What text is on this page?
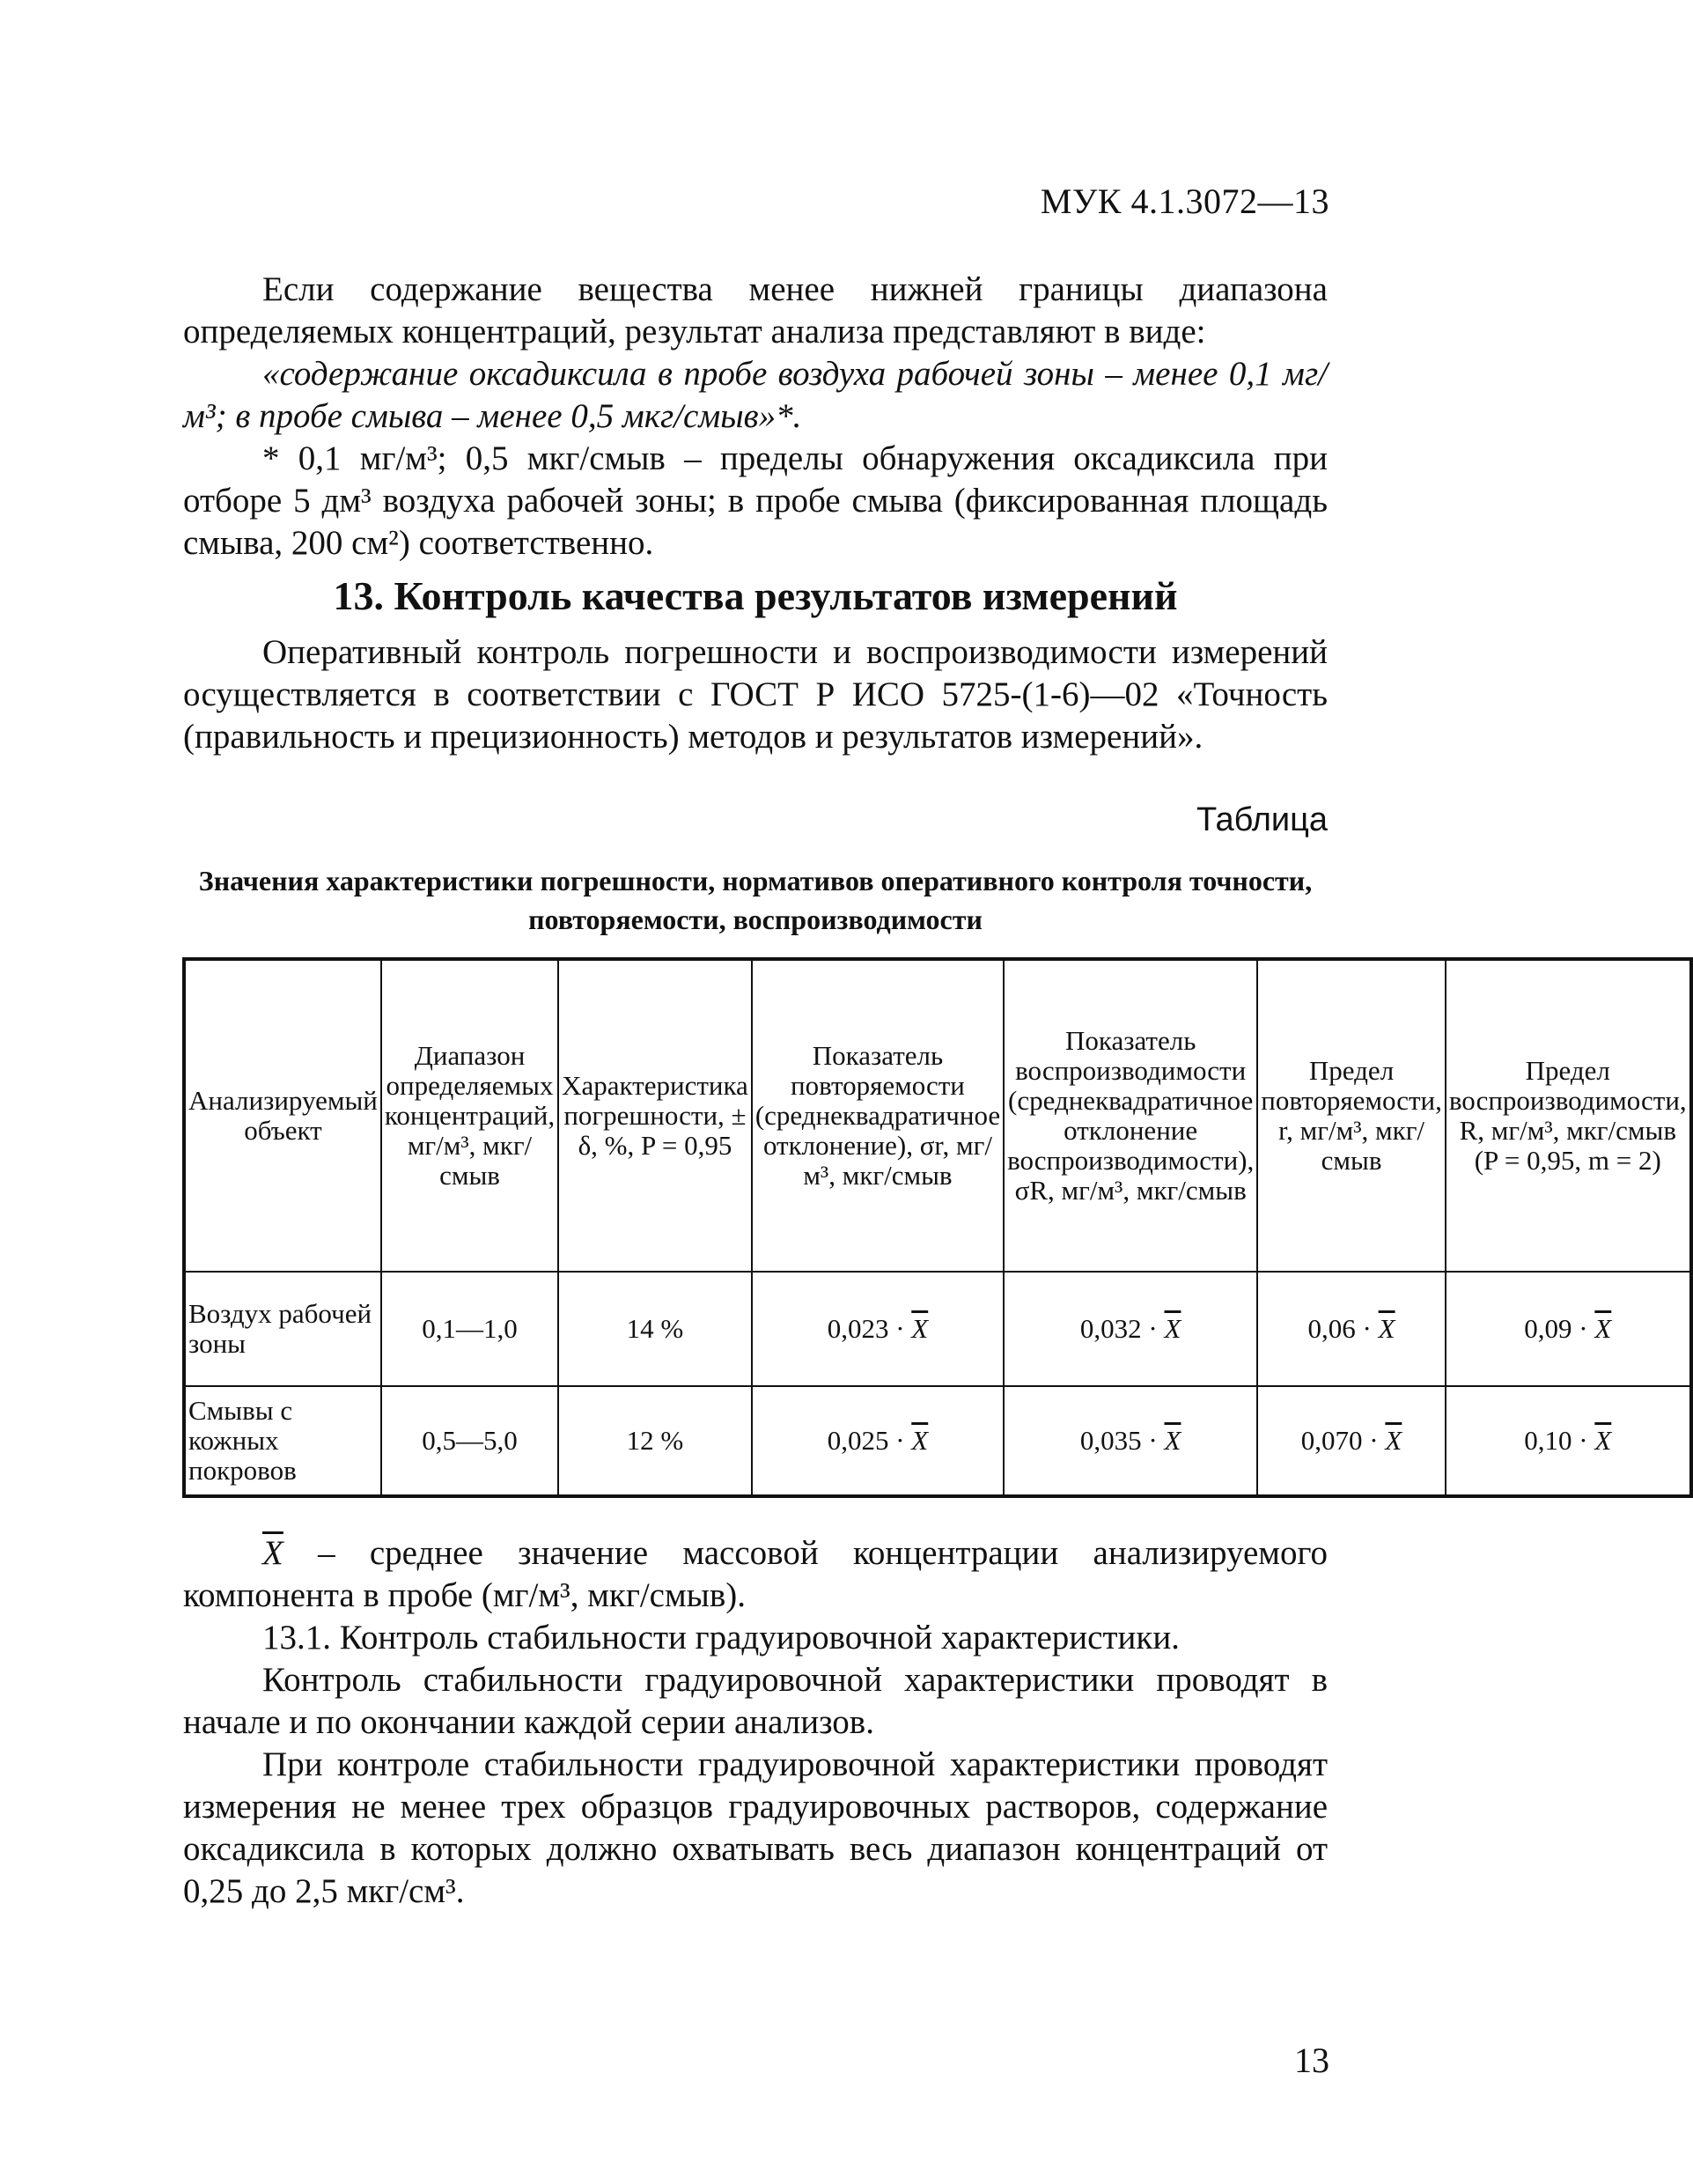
МУК 4.1.3072—13

Если содержание вещества менее нижней границы диапазона определяемых концентраций, результат анализа представляют в виде:

«содержание оксадиксила в пробе воздуха рабочей зоны – менее 0,1 мг/м³; в пробе смыва – менее 0,5 мкг/смыв»*.

* 0,1 мг/м³; 0,5 мкг/смыв – пределы обнаружения оксадиксила при отборе 5 дм³ воздуха рабочей зоны; в пробе смыва (фиксированная площадь смыва, 200 см²) соответственно.

13. Контроль качества результатов измерений

Оперативный контроль погрешности и воспроизводимости измерений осуществляется в соответствии с ГОСТ Р ИСО 5725-(1-6)—02 «Точность (правильность и прецизионность) методов и результатов измерений».

Таблица

Значения характеристики погрешности, нормативов оперативного контроля точности, повторяемости, воспроизводимости

Анализируемый объект	Диапазон определяемых концентраций, мг/м³, мкг/смыв	Характеристика погрешности, ± δ, %, P = 0,95	Показатель повторяемости (среднеквадратичное отклонение), σr, мг/м³, мкг/смыв	Показатель воспроизводимости (среднеквадратичное отклонение воспроизводимости), σR, мг/м³, мкг/смыв	Предел повторяемости, r, мг/м³, мкг/смыв	Предел воспроизводимости, R, мг/м³, мкг/смыв (P = 0,95, m = 2)
Воздух рабочей зоны	0,1—1,0	14 %	$0,023 \cdot \overline{X}$	$0,032 \cdot \overline{X}$	$0,06 \cdot \overline{X}$	$0,09 \cdot \overline{X}$
Смывы с кожных покровов	0,5—5,0	12 %	$0,025 \cdot \overline{X}$	$0,035 \cdot \overline{X}$	$0,070 \cdot \overline{X}$	$0,10 \cdot \overline{X}$

$\overline{X}$ – среднее значение массовой концентрации анализируемого компонента в пробе (мг/м³, мкг/смыв).

13.1. Контроль стабильности градуировочной характеристики.

Контроль стабильности градуировочной характеристики проводят в начале и по окончании каждой серии анализов.

При контроле стабильности градуировочной характеристики проводят измерения не менее трех образцов градуировочных растворов, содержание оксадиксила в которых должно охватывать весь диапазон концентраций от 0,25 до 2,5 мкг/см³.

13
